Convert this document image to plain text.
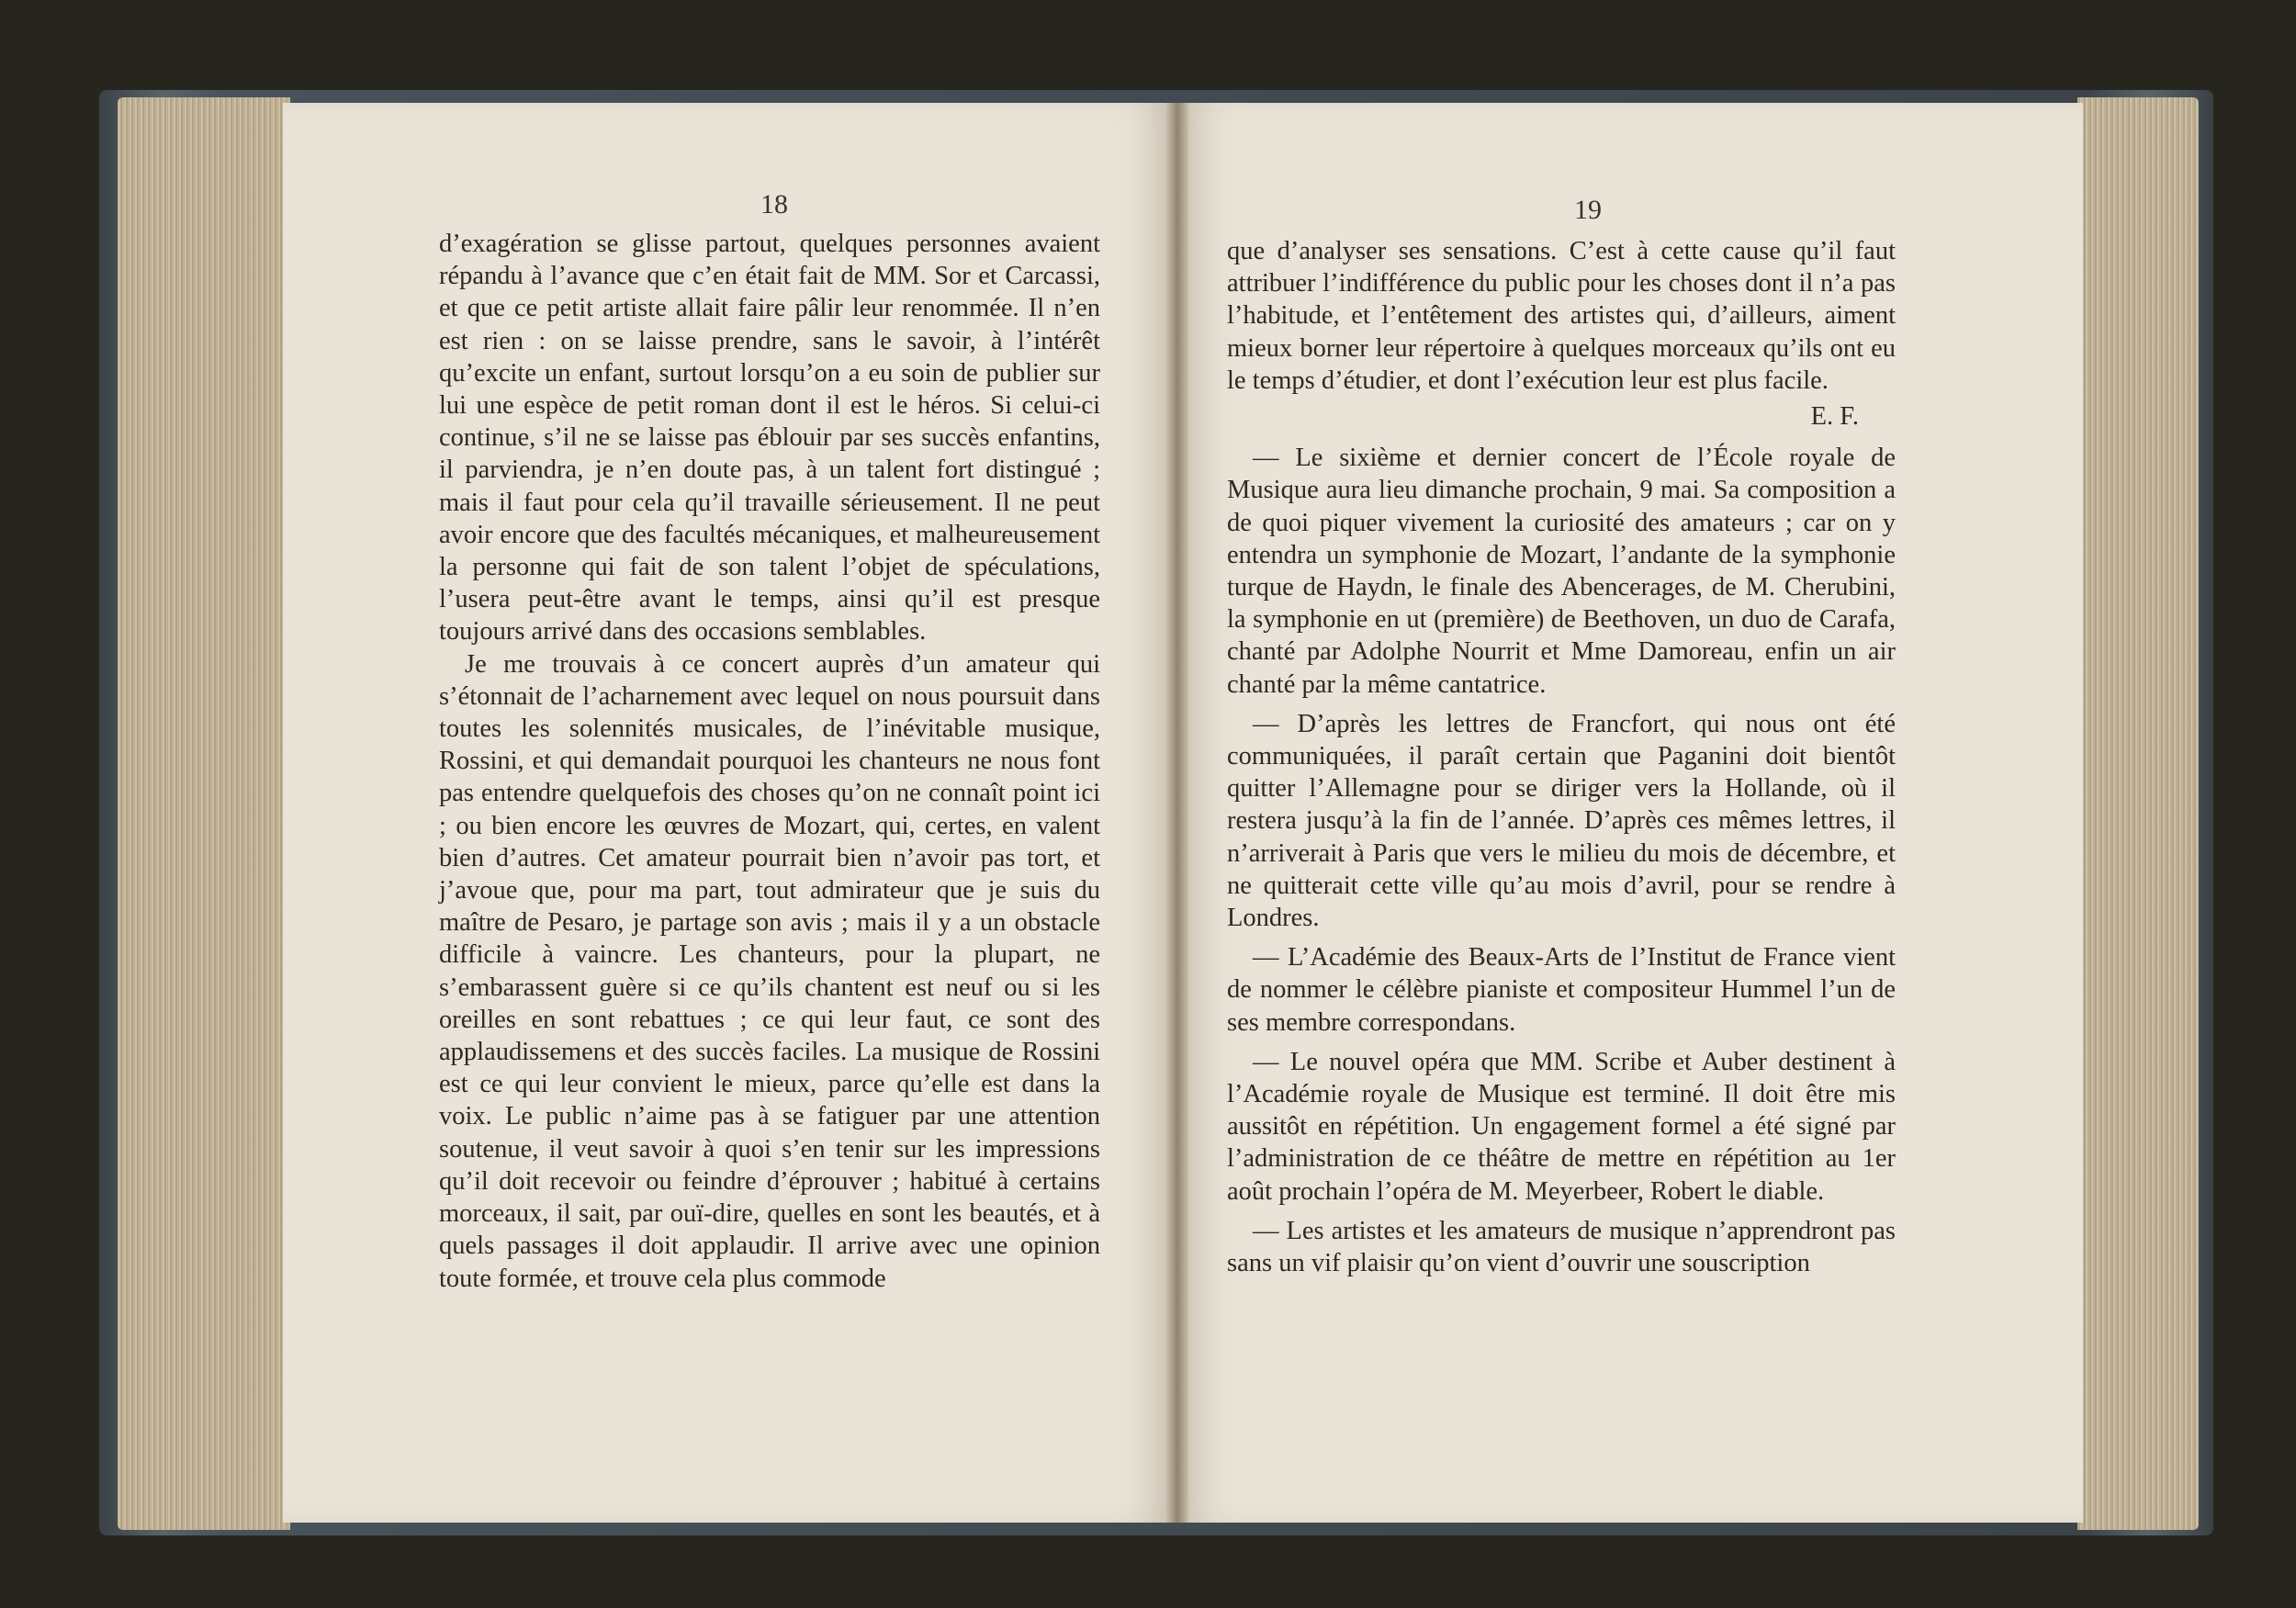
18

d’exagération se glisse partout, quelques personnes avaient répandu à l’avance que c’en était fait de MM. Sor et Carcassi, et que ce petit artiste allait faire pâlir leur renommée. Il n’en est rien : on se laisse prendre, sans le savoir, à l’intérêt qu’excite un enfant, surtout lorsqu’on a eu soin de publier sur lui une espèce de petit roman dont il est le héros. Si celui-ci continue, s’il ne se laisse pas éblouir par ses succès enfantins, il parviendra, je n’en doute pas, à un talent fort distingué ; mais il faut pour cela qu’il travaille sérieusement. Il ne peut avoir encore que des facultés mécaniques, et malheureusement la personne qui fait de son talent l’objet de spéculations, l’usera peut-être avant le temps, ainsi qu’il est presque toujours arrivé dans des occasions semblables.

Je me trouvais à ce concert auprès d’un amateur qui s’étonnait de l’acharnement avec lequel on nous poursuit dans toutes les solennités musicales, de l’inévitable musique, Rossini, et qui demandait pourquoi les chanteurs ne nous font pas entendre quelquefois des choses qu’on ne connaît point ici ; ou bien encore les œuvres de Mozart, qui, certes, en valent bien d’autres. Cet amateur pourrait bien n’avoir pas tort, et j’avoue que, pour ma part, tout admirateur que je suis du maître de Pesaro, je partage son avis ; mais il y a un obstacle difficile à vaincre. Les chanteurs, pour la plupart, ne s’embarassent guère si ce qu’ils chantent est neuf ou si les oreilles en sont rebattues ; ce qui leur faut, ce sont des applaudissemens et des succès faciles. La musique de Rossini est ce qui leur convient le mieux, parce qu’elle est dans la voix. Le public n’aime pas à se fatiguer par une attention soutenue, il veut savoir à quoi s’en tenir sur les impressions qu’il doit recevoir ou feindre d’éprouver ; habitué à certains morceaux, il sait, par ouï-dire, quelles en sont les beautés, et à quels passages il doit applaudir. Il arrive avec une opinion toute formée, et trouve cela plus commode

19

que d’analyser ses sensations. C’est à cette cause qu’il faut attribuer l’indifférence du public pour les choses dont il n’a pas l’habitude, et l’entêtement des artistes qui, d’ailleurs, aiment mieux borner leur répertoire à quelques morceaux qu’ils ont eu le temps d’étudier, et dont l’exécution leur est plus facile.

E. F.

— Le sixième et dernier concert de l’École royale de Musique aura lieu dimanche prochain, 9 mai. Sa composition a de quoi piquer vivement la curiosité des amateurs ; car on y entendra un symphonie de Mozart, l’andante de la symphonie turque de Haydn, le finale des Abencerages, de M. Cherubini, la symphonie en ut (première) de Beethoven, un duo de Carafa, chanté par Adolphe Nourrit et Mme Damoreau, enfin un air chanté par la même cantatrice.

— D’après les lettres de Francfort, qui nous ont été communiquées, il paraît certain que Paganini doit bientôt quitter l’Allemagne pour se diriger vers la Hollande, où il restera jusqu’à la fin de l’année. D’après ces mêmes lettres, il n’arriverait à Paris que vers le milieu du mois de décembre, et ne quitterait cette ville qu’au mois d’avril, pour se rendre à Londres.

— L’Académie des Beaux-Arts de l’Institut de France vient de nommer le célèbre pianiste et compositeur Hummel l’un de ses membre correspondans.

— Le nouvel opéra que MM. Scribe et Auber destinent à l’Académie royale de Musique est terminé. Il doit être mis aussitôt en répétition. Un engagement formel a été signé par l’administration de ce théâtre de mettre en répétition au 1er août prochain l’opéra de M. Meyerbeer, Robert le diable.

— Les artistes et les amateurs de musique n’apprendront pas sans un vif plaisir qu’on vient d’ouvrir une souscription
